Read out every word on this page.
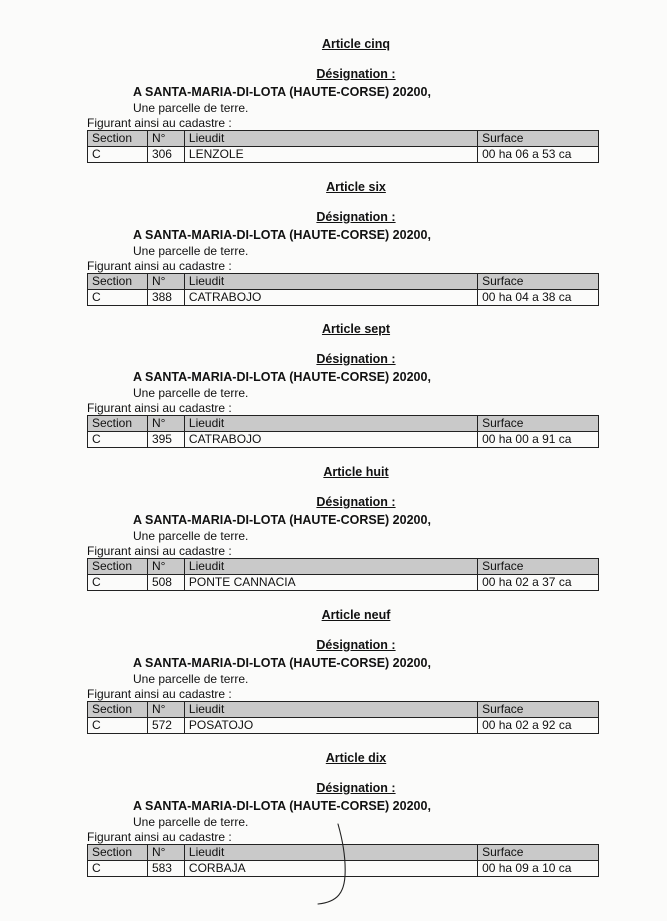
Article cinq
Désignation :
A SANTA-MARIA-DI-LOTA (HAUTE-CORSE) 20200,
Une parcelle de terre.
Figurant ainsi au cadastre :
Section	N°	Lieudit	Surface
C	306	LENZOLE	00 ha 06 a 53 ca
Article six
Désignation :
A SANTA-MARIA-DI-LOTA (HAUTE-CORSE) 20200,
Une parcelle de terre.
Figurant ainsi au cadastre :
Section	N°	Lieudit	Surface
C	388	CATRABOJO	00 ha 04 a 38 ca
Article sept
Désignation :
A SANTA-MARIA-DI-LOTA (HAUTE-CORSE) 20200,
Une parcelle de terre.
Figurant ainsi au cadastre :
Section	N°	Lieudit	Surface
C	395	CATRABOJO	00 ha 00 a 91 ca
Article huit
Désignation :
A SANTA-MARIA-DI-LOTA (HAUTE-CORSE) 20200,
Une parcelle de terre.
Figurant ainsi au cadastre :
Section	N°	Lieudit	Surface
C	508	PONTE CANNACIA	00 ha 02 a 37 ca
Article neuf
Désignation :
A SANTA-MARIA-DI-LOTA (HAUTE-CORSE) 20200,
Une parcelle de terre.
Figurant ainsi au cadastre :
Section	N°	Lieudit	Surface
C	572	POSATOJO	00 ha 02 a 92 ca
Article dix
Désignation :
A SANTA-MARIA-DI-LOTA (HAUTE-CORSE) 20200,
Une parcelle de terre.
Figurant ainsi au cadastre :
Section	N°	Lieudit	Surface
C	583	CORBAJA	00 ha 09 a 10 ca
